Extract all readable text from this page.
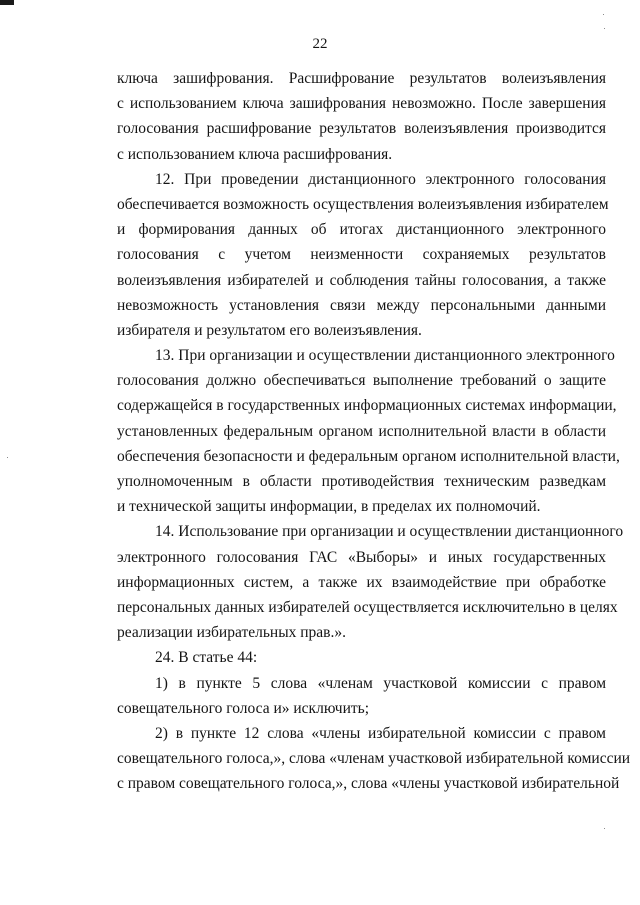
22
ключа зашифрования. Расшифрование результатов волеизъявления
с использованием ключа зашифрования невозможно. После завершения
голосования расшифрование результатов волеизъявления производится
с использованием ключа расшифрования.
12. При проведении дистанционного электронного голосования
обеспечивается возможность осуществления волеизъявления избирателем
и формирования данных об итогах дистанционного электронного
голосования с учетом неизменности сохраняемых результатов
волеизъявления избирателей и соблюдения тайны голосования, а также
невозможность установления связи между персональными данными
избирателя и результатом его волеизъявления.
13. При организации и осуществлении дистанционного электронного
голосования должно обеспечиваться выполнение требований о защите
содержащейся в государственных информационных системах информации,
установленных федеральным органом исполнительной власти в области
обеспечения безопасности и федеральным органом исполнительной власти,
уполномоченным в области противодействия техническим разведкам
и технической защиты информации, в пределах их полномочий.
14. Использование при организации и осуществлении дистанционного
электронного голосования ГАС «Выборы» и иных государственных
информационных систем, а также их взаимодействие при обработке
персональных данных избирателей осуществляется исключительно в целях
реализации избирательных прав.».
24. В статье 44:
1) в пункте 5 слова «членам участковой комиссии с правом
совещательного голоса и» исключить;
2) в пункте 12 слова «члены избирательной комиссии с правом
совещательного голоса,», слова «членам участковой избирательной комиссии
с правом совещательного голоса,», слова «члены участковой избирательной
